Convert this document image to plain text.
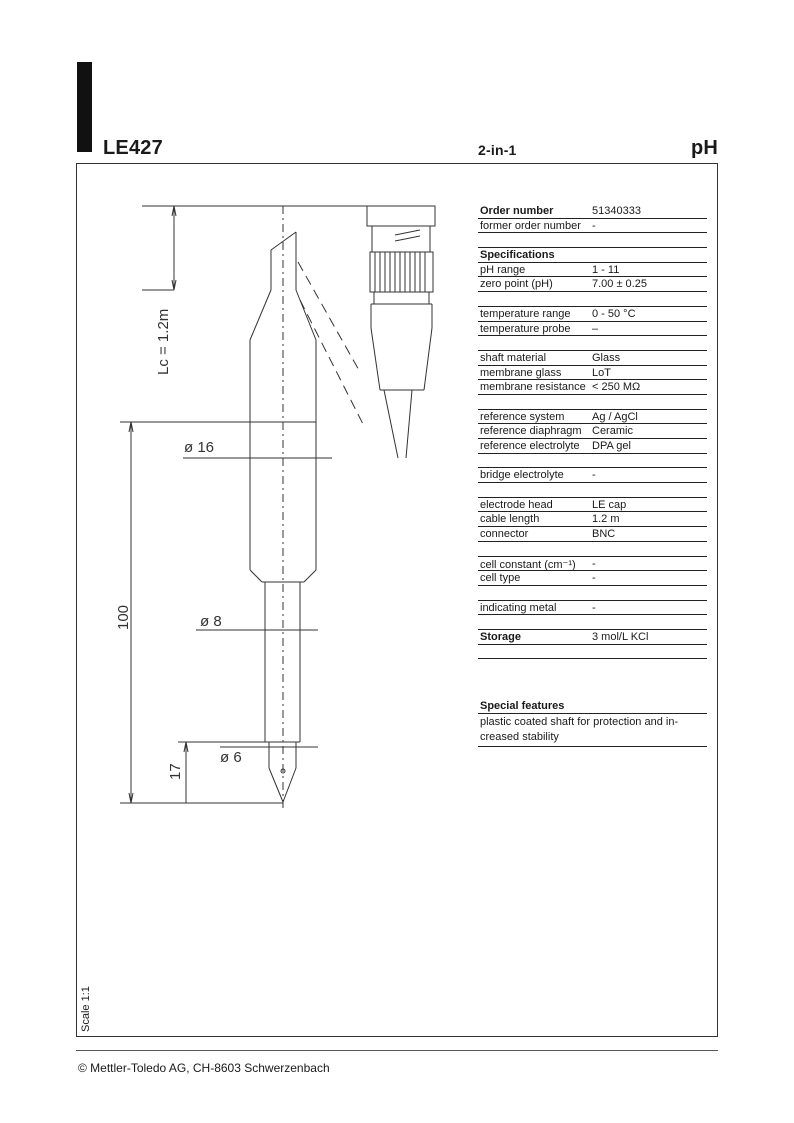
LE427	2-in-1	pH
Lc = 1.2m
ø 16
ø 8
ø 6
100
17
Order number	51340333
former order number -
Specifications
pH range	1 - 11
zero point (pH)	7.00 ± 0.25
temperature range 0 - 50 °C
temperature probe –
shaft material	Glass
membrane glass	LoT
membrane resistance < 250 MΩ
reference system	Ag / AgCl
reference diaphragm Ceramic
reference electrolyte DPA gel
bridge electrolyte	-
electrode head	LE cap
cable length	1.2 m
connector	BNC
cell constant (cm⁻¹) -
cell type	-
indicating metal	-
Storage	3 mol/L KCl
Special features
plastic coated shaft for protection and in-creased stability
Scale 1:1
© Mettler-Toledo AG, CH-8603 Schwerzenbach
